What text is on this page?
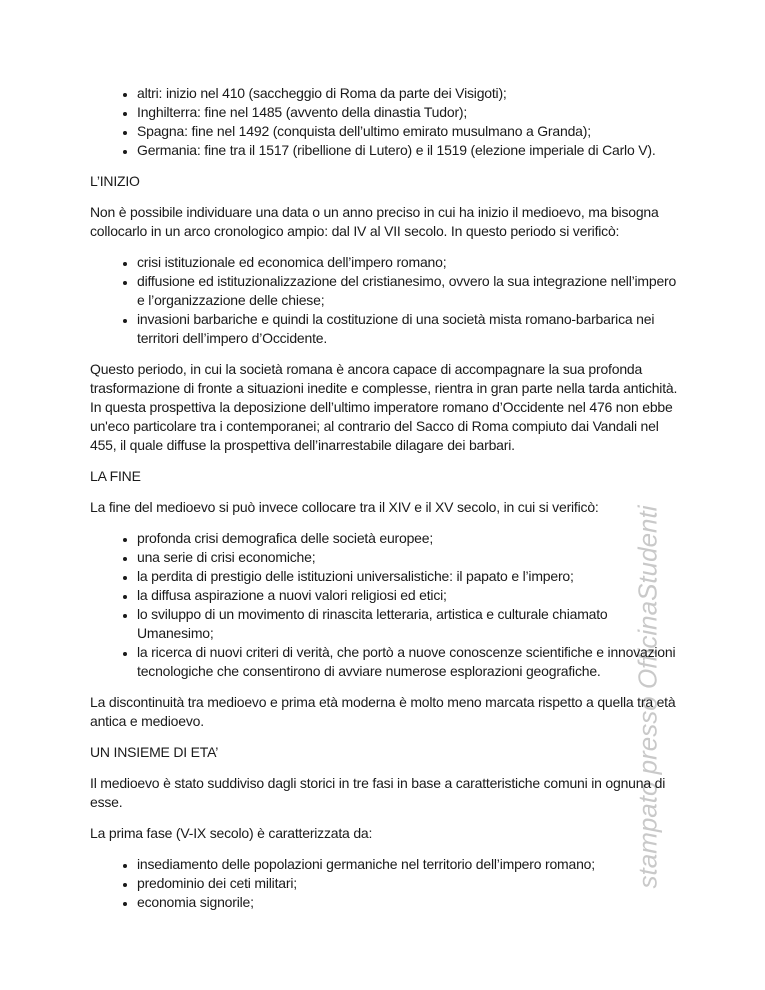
stampato presso OfficinaStudenti
• altri: inizio nel 410 (saccheggio di Roma da parte dei Visigoti);
• Inghilterra: fine nel 1485 (avvento della dinastia Tudor);
• Spagna: fine nel 1492 (conquista dell’ultimo emirato musulmano a Granda);
• Germania: fine tra il 1517 (ribellione di Lutero) e il 1519 (elezione imperiale di Carlo V).
L’INIZIO

Non è possibile individuare una data o un anno preciso in cui ha inizio il medioevo, ma bisogna collocarlo in un arco cronologico ampio: dal IV al VII secolo. In questo periodo si verificò:

• crisi istituzionale ed economica dell’impero romano;
• diffusione ed istituzionalizzazione del cristianesimo, ovvero la sua integrazione nell’impero e l’organizzazione delle chiese;
• invasioni barbariche e quindi la costituzione di una società mista romano-barbarica nei territori dell’impero d’Occidente.

Questo periodo, in cui la società romana è ancora capace di accompagnare la sua profonda trasformazione di fronte a situazioni inedite e complesse, rientra in gran parte nella tarda antichità. In questa prospettiva la deposizione dell’ultimo imperatore romano d’Occidente nel 476 non ebbe un'eco particolare tra i contemporanei; al contrario del Sacco di Roma compiuto dai Vandali nel 455, il quale diffuse la prospettiva dell’inarrestabile dilagare dei barbari.

LA FINE

La fine del medioevo si può invece collocare tra il XIV e il XV secolo, in cui si verificò:

• profonda crisi demografica delle società europee;
• una serie di crisi economiche;
• la perdita di prestigio delle istituzioni universalistiche: il papato e l’impero;
• la diffusa aspirazione a nuovi valori religiosi ed etici;
• lo sviluppo di un movimento di rinascita letteraria, artistica e culturale chiamato Umanesimo;
• la ricerca di nuovi criteri di verità, che portò a nuove conoscenze scientifiche e innovazioni tecnologiche che consentirono di avviare numerose esplorazioni geografiche.

La discontinuità tra medioevo e prima età moderna è molto meno marcata rispetto a quella tra età antica e medioevo.

UN INSIEME DI ETA’

Il medioevo è stato suddiviso dagli storici in tre fasi in base a caratteristiche comuni in ognuna di esse.

La prima fase (V-IX secolo) è caratterizzata da:

• insediamento delle popolazioni germaniche nel territorio dell’impero romano;
• predominio dei ceti militari;
• economia signorile;
